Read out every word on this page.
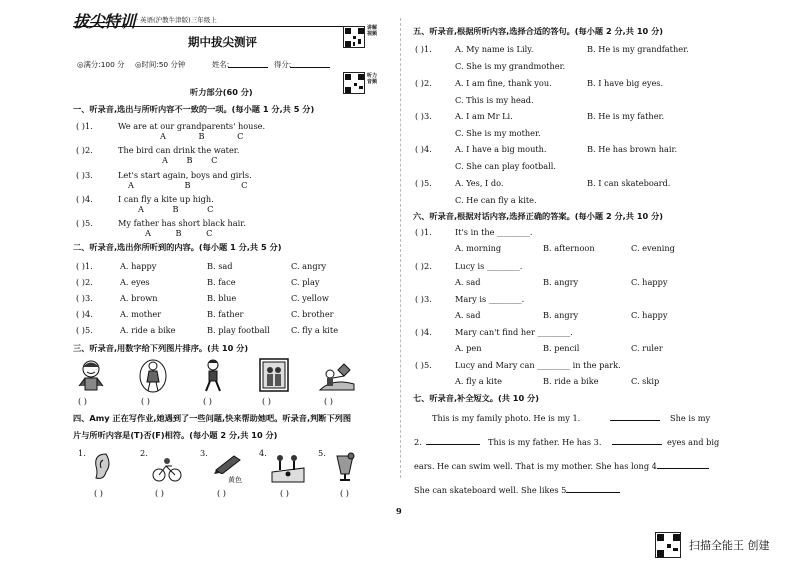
拔尖特训 · 英语(沪教牛津版)三年级上
讲解视频
期中拔尖测评
◎满分:100 分 ◎时间:50 分钟	姓名:	得分:
听力音频
听力部分(60 分)
一、听录音,选出与所听内容不一致的一项。(每小题 1 分,共 5 分)
( )1.	We are at our grandparents' house.
A B C
( )2.	The bird can drink the water.
A B C
( )3.	Let's start again, boys and girls.
A B C
( )4.	I can fly a kite up high.
A B C
( )5.	My father has short black hair.
A B C
二、听录音,选出你所听到的内容。(每小题 1 分,共 5 分)
( )1.	A. happy	B. sad	C. angry
( )2.	A. eyes	B. face	C. play
( )3.	A. brown	B. blue	C. yellow
( )4.	A. mother	B. father	C. brother
( )5.	A. ride a bike	B. play football	C. fly a kite
三、听录音,用数字给下列图片排序。(共 10 分)
( )	( )	( )	( )	( )
四、Amy 正在写作业,她遇到了一些问题,快来帮助她吧。听录音,判断下列图
片与所听内容是(T)否(F)相符。(每小题 2 分,共 10 分)
1.	2.	3.	4.	5.
黄色
( )	( )	( )	( )	( )
9
五、听录音,根据所听内容,选择合适的答句。(每小题 2 分,共 10 分)
( )1.	A. My name is Lily.	B. He is my grandfather.
C. She is my grandmother.
( )2.	A. I am fine, thank you.	B. I have big eyes.
C. This is my head.
( )3.	A. I am Mr Li.	B. He is my father.
C. She is my mother.
( )4.	A. I have a big mouth.	B. He has brown hair.
C. She can play football.
( )5.	A. Yes, I do.	B. I can skateboard.
C. He can fly a kite.
六、听录音,根据对话内容,选择正确的答案。(每小题 2 分,共 10 分)
( )1.	It's in the ________.
A. morning	B. afternoon	C. evening
( )2.	Lucy is ________.
A. sad	B. angry	C. happy
( )3.	Mary is ________.
A. sad	B. angry	C. happy
( )4.	Mary can't find her ________.
A. pen	B. pencil	C. ruler
( )5.	Lucy and Mary can ________ in the park.
A. fly a kite	B. ride a bike	C. skip
七、听录音,补全短文。(共 10 分)
This is my family photo. He is my 1.	She is my
2.	This is my father. He has 3.	eyes and big
ears. He can swim well. That is my mother. She has long 4.
She can skateboard well. She likes 5.
扫描全能王 创建
